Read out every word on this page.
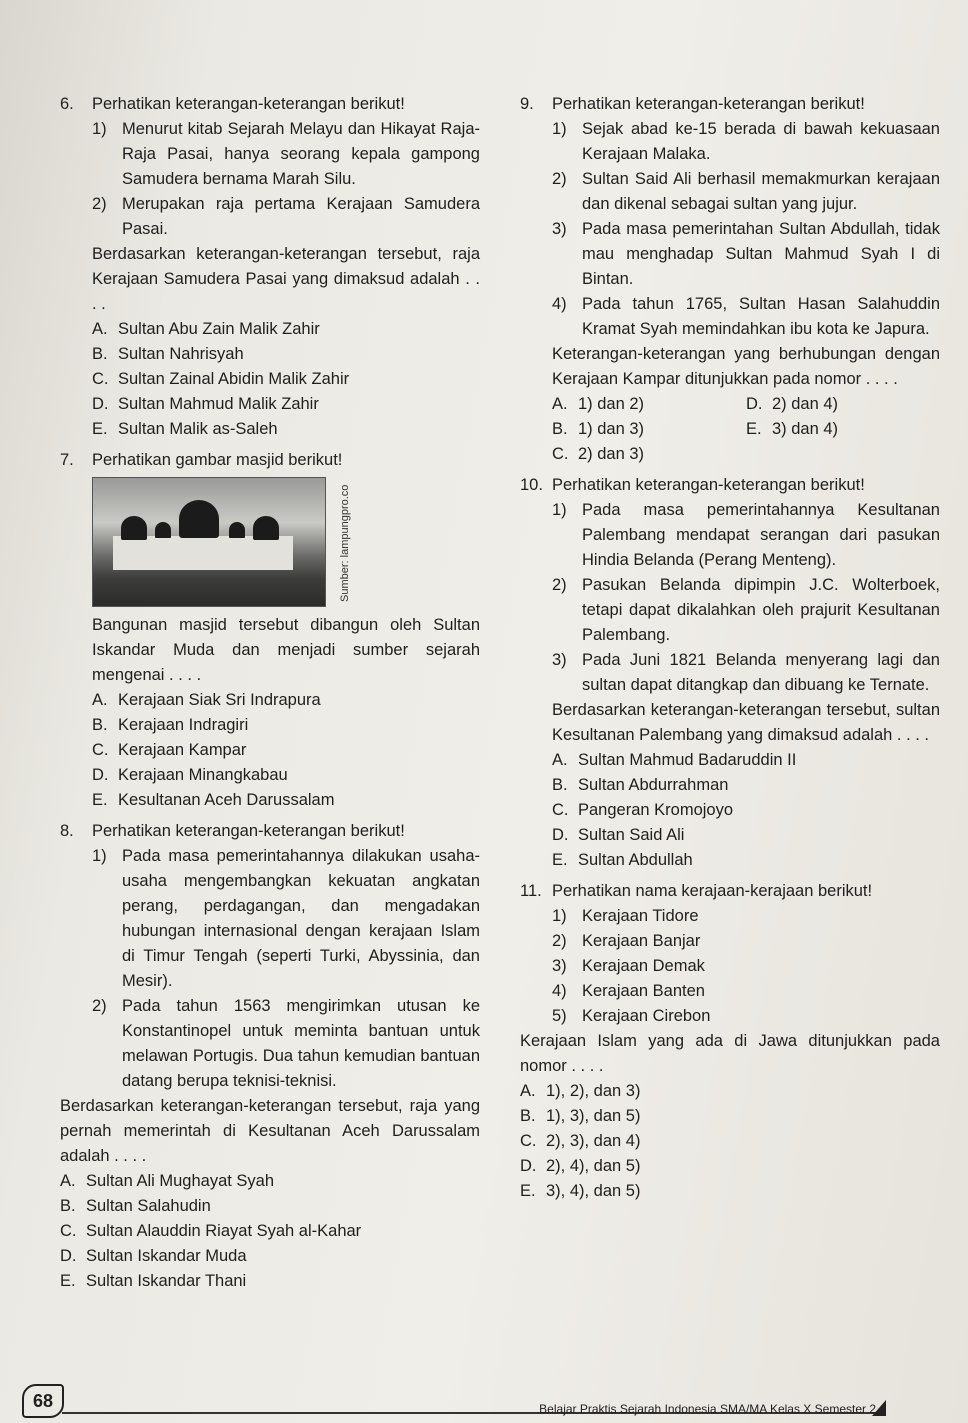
6.	Perhatikan keterangan-keterangan berikut!
1) Menurut kitab Sejarah Melayu dan Hikayat Raja-Raja Pasai, hanya seorang kepala gampong Samudera bernama Marah Silu.
2) Merupakan raja pertama Kerajaan Samudera Pasai.
Berdasarkan keterangan-keterangan tersebut, raja Kerajaan Samudera Pasai yang dimaksud adalah . . . .
A. Sultan Abu Zain Malik Zahir
B. Sultan Nahrisyah
C. Sultan Zainal Abidin Malik Zahir
D. Sultan Mahmud Malik Zahir
E. Sultan Malik as-Saleh
7.	Perhatikan gambar masjid berikut!
Sumber: lampungpro.co
Bangunan masjid tersebut dibangun oleh Sultan Iskandar Muda dan menjadi sumber sejarah mengenai . . . .
A. Kerajaan Siak Sri Indrapura
B. Kerajaan Indragiri
C. Kerajaan Kampar
D. Kerajaan Minangkabau
E. Kesultanan Aceh Darussalam
8.	Perhatikan keterangan-keterangan berikut!
1) Pada masa pemerintahannya dilakukan usaha-usaha mengembangkan kekuatan angkatan perang, perdagangan, dan mengadakan hubungan internasional dengan kerajaan Islam di Timur Tengah (seperti Turki, Abyssinia, dan Mesir).
2) Pada tahun 1563 mengirimkan utusan ke Konstantinopel untuk meminta bantuan untuk melawan Portugis. Dua tahun kemudian bantuan datang berupa teknisi-teknisi.
Berdasarkan keterangan-keterangan tersebut, raja yang pernah memerintah di Kesultanan Aceh Darussalam adalah . . . .
A. Sultan Ali Mughayat Syah
B. Sultan Salahudin
C. Sultan Alauddin Riayat Syah al-Kahar
D. Sultan Iskandar Muda
E. Sultan Iskandar Thani
9.	Perhatikan keterangan-keterangan berikut!
1) Sejak abad ke-15 berada di bawah kekuasaan Kerajaan Malaka.
2) Sultan Said Ali berhasil memakmurkan kerajaan dan dikenal sebagai sultan yang jujur.
3) Pada masa pemerintahan Sultan Abdullah, tidak mau menghadap Sultan Mahmud Syah I di Bintan.
4) Pada tahun 1765, Sultan Hasan Salahuddin Kramat Syah memindahkan ibu kota ke Japura.
Keterangan-keterangan yang berhubungan dengan Kerajaan Kampar ditunjukkan pada nomor . . . .
A. 1) dan 2)	D. 2) dan 4)
B. 1) dan 3)	E. 3) dan 4)
C. 2) dan 3)
10. Perhatikan keterangan-keterangan berikut!
1) Pada masa pemerintahannya Kesultanan Palembang mendapat serangan dari pasukan Hindia Belanda (Perang Menteng).
2) Pasukan Belanda dipimpin J.C. Wolterboek, tetapi dapat dikalahkan oleh prajurit Kesultanan Palembang.
3) Pada Juni 1821 Belanda menyerang lagi dan sultan dapat ditangkap dan dibuang ke Ternate.
Berdasarkan keterangan-keterangan tersebut, sultan Kesultanan Palembang yang dimaksud adalah . . . .
A. Sultan Mahmud Badaruddin II
B. Sultan Abdurrahman
C. Pangeran Kromojoyo
D. Sultan Said Ali
E. Sultan Abdullah
11. Perhatikan nama kerajaan-kerajaan berikut!
1) Kerajaan Tidore
2) Kerajaan Banjar
3) Kerajaan Demak
4) Kerajaan Banten
5) Kerajaan Cirebon
Kerajaan Islam yang ada di Jawa ditunjukkan pada nomor . . . .
A. 1), 2), dan 3)
B. 1), 3), dan 5)
C. 2), 3), dan 4)
D. 2), 4), dan 5)
E. 3), 4), dan 5)
68	Belajar Praktis Sejarah Indonesia SMA/MA Kelas X Semester 2
